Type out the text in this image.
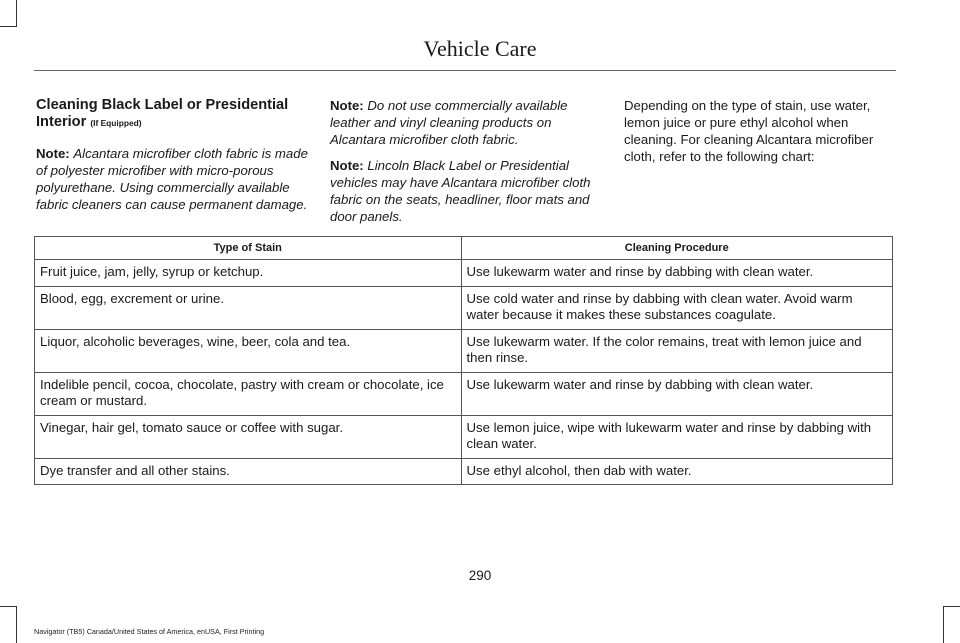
Vehicle Care
Cleaning Black Label or Presidential Interior (If Equipped)

Note: Alcantara microfiber cloth fabric is made of polyester microfiber with micro-porous polyurethane. Using commercially available fabric cleaners can cause permanent damage.

Note: Do not use commercially available leather and vinyl cleaning products on Alcantara microfiber cloth fabric.

Note: Lincoln Black Label or Presidential vehicles may have Alcantara microfiber cloth fabric on the seats, headliner, floor mats and door panels.

Depending on the type of stain, use water, lemon juice or pure ethyl alcohol when cleaning. For cleaning Alcantara microfiber cloth, refer to the following chart:

Type of Stain	Cleaning Procedure
Fruit juice, jam, jelly, syrup or ketchup.	Use lukewarm water and rinse by dabbing with clean water.
Blood, egg, excrement or urine.	Use cold water and rinse by dabbing with clean water. Avoid warm water because it makes these substances coagulate.
Liquor, alcoholic beverages, wine, beer, cola and tea.	Use lukewarm water. If the color remains, treat with lemon juice and then rinse.
Indelible pencil, cocoa, chocolate, pastry with cream or chocolate, ice cream or mustard.	Use lukewarm water and rinse by dabbing with clean water.
Vinegar, hair gel, tomato sauce or coffee with sugar.	Use lemon juice, wipe with lukewarm water and rinse by dabbing with clean water.
Dye transfer and all other stains.	Use ethyl alcohol, then dab with water.
290
Navigator (TB5) Canada/United States of America, enUSA, First Printing
